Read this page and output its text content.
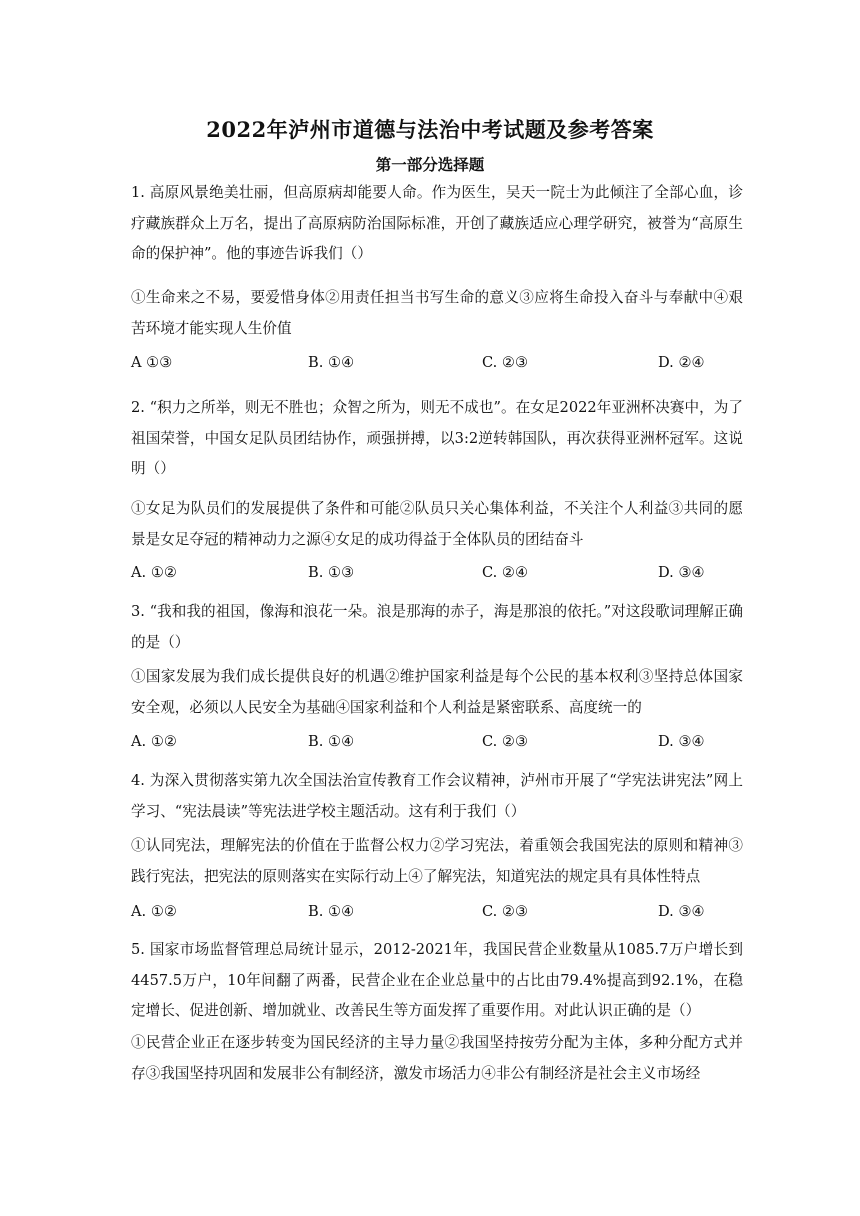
2022年泸州市道德与法治中考试题及参考答案
第一部分选择题

1. 高原风景绝美壮丽，但高原病却能要人命。作为医生，吴天一院士为此倾注了全部心血，诊疗藏族群众上万名，提出了高原病防治国际标准，开创了藏族适应心理学研究，被誉为“高原生命的保护神”。他的事迹告诉我们（）

①生命来之不易，要爱惜身体②用责任担当书写生命的意义③应将生命投入奋斗与奉献中④艰苦环境才能实现人生价值

A ①③	B. ①④	C. ②③	D. ②④

2. “积力之所举，则无不胜也；众智之所为，则无不成也”。在女足2022年亚洲杯决赛中，为了祖国荣誉，中国女足队员团结协作，顽强拼搏，以3:2逆转韩国队，再次获得亚洲杯冠军。这说明（）

①女足为队员们的发展提供了条件和可能②队员只关心集体利益，不关注个人利益③共同的愿景是女足夺冠的精神动力之源④女足的成功得益于全体队员的团结奋斗

A. ①②	B. ①③	C. ②④	D. ③④

3. “我和我的祖国，像海和浪花一朵。浪是那海的赤子，海是那浪的依托。”对这段歌词理解正确的是（）

①国家发展为我们成长提供良好的机遇②维护国家利益是每个公民的基本权利③坚持总体国家安全观，必须以人民安全为基础④国家利益和个人利益是紧密联系、高度统一的

A. ①②	B. ①④	C. ②③	D. ③④

4. 为深入贯彻落实第九次全国法治宣传教育工作会议精神，泸州市开展了“学宪法讲宪法”网上学习、“宪法晨读”等宪法进学校主题活动。这有利于我们（）

①认同宪法，理解宪法的价值在于监督公权力②学习宪法，着重领会我国宪法的原则和精神③践行宪法，把宪法的原则落实在实际行动上④了解宪法，知道宪法的规定具有具体性特点

A. ①②	B. ①④	C. ②③	D. ③④

5. 国家市场监督管理总局统计显示，2012-2021年，我国民营企业数量从1085.7万户增长到4457.5万户，10年间翻了两番，民营企业在企业总量中的占比由79.4%提高到92.1%，在稳定增长、促进创新、增加就业、改善民生等方面发挥了重要作用。对此认识正确的是（）

①民营企业正在逐步转变为国民经济的主导力量②我国坚持按劳分配为主体，多种分配方式并存③我国坚持巩固和发展非公有制经济，激发市场活力④非公有制经济是社会主义市场经
